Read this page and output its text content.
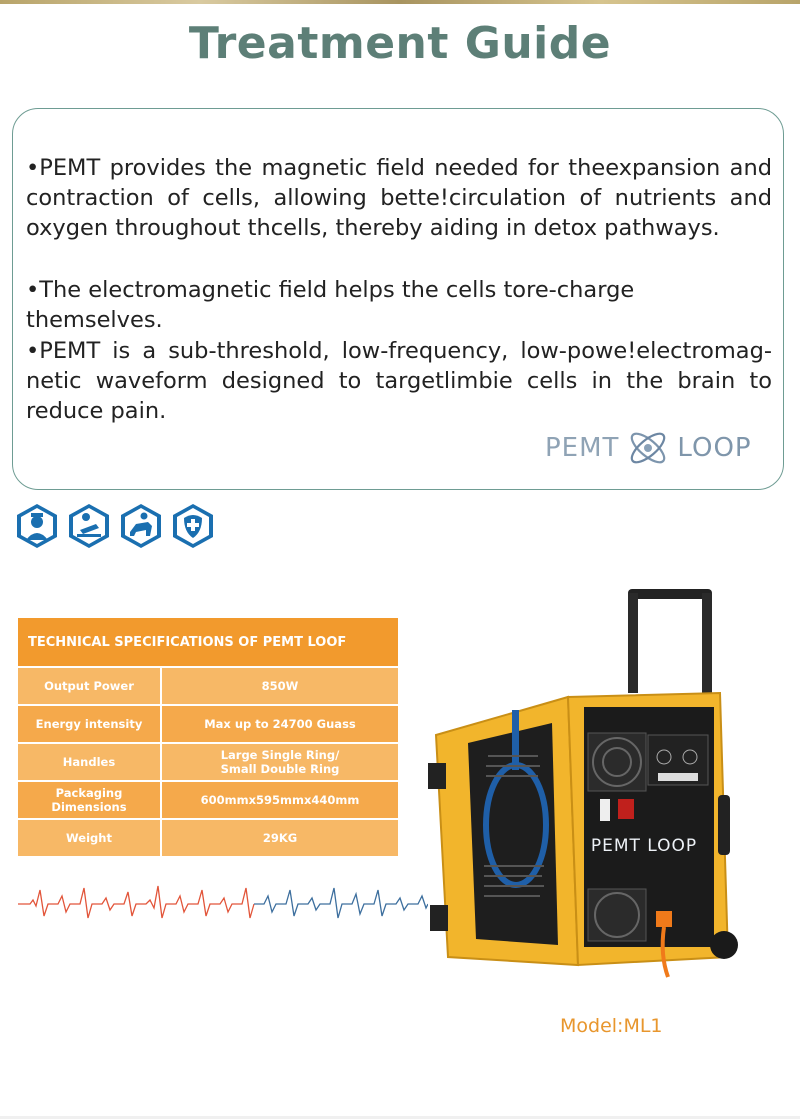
Treatment Guide

•PEMT provides the magnetic field needed for theexpansion and contraction of cells, allowing bette!circulation of nutrients and oxygen throughout thcells, thereby aiding in detox pathways.

•The electromagnetic field helps the cells tore-charge themselves.

•PEMT is a sub-threshold, low-frequency, low-powe!electromag-netic waveform designed to targetlimbie cells in the brain to reduce pain.

PEMT LOOP
TECHNICAL SPECIFICATIONS OF PEMT LOOF
Output Power	850W
Energy intensity	Max up to 24700 Guass
Handles	Large Single Ring/
Small Double Ring
Packaging
Dimensions	600mmx595mmx440mm
Weight	29KG	PEMT LOOP
Model:ML1
